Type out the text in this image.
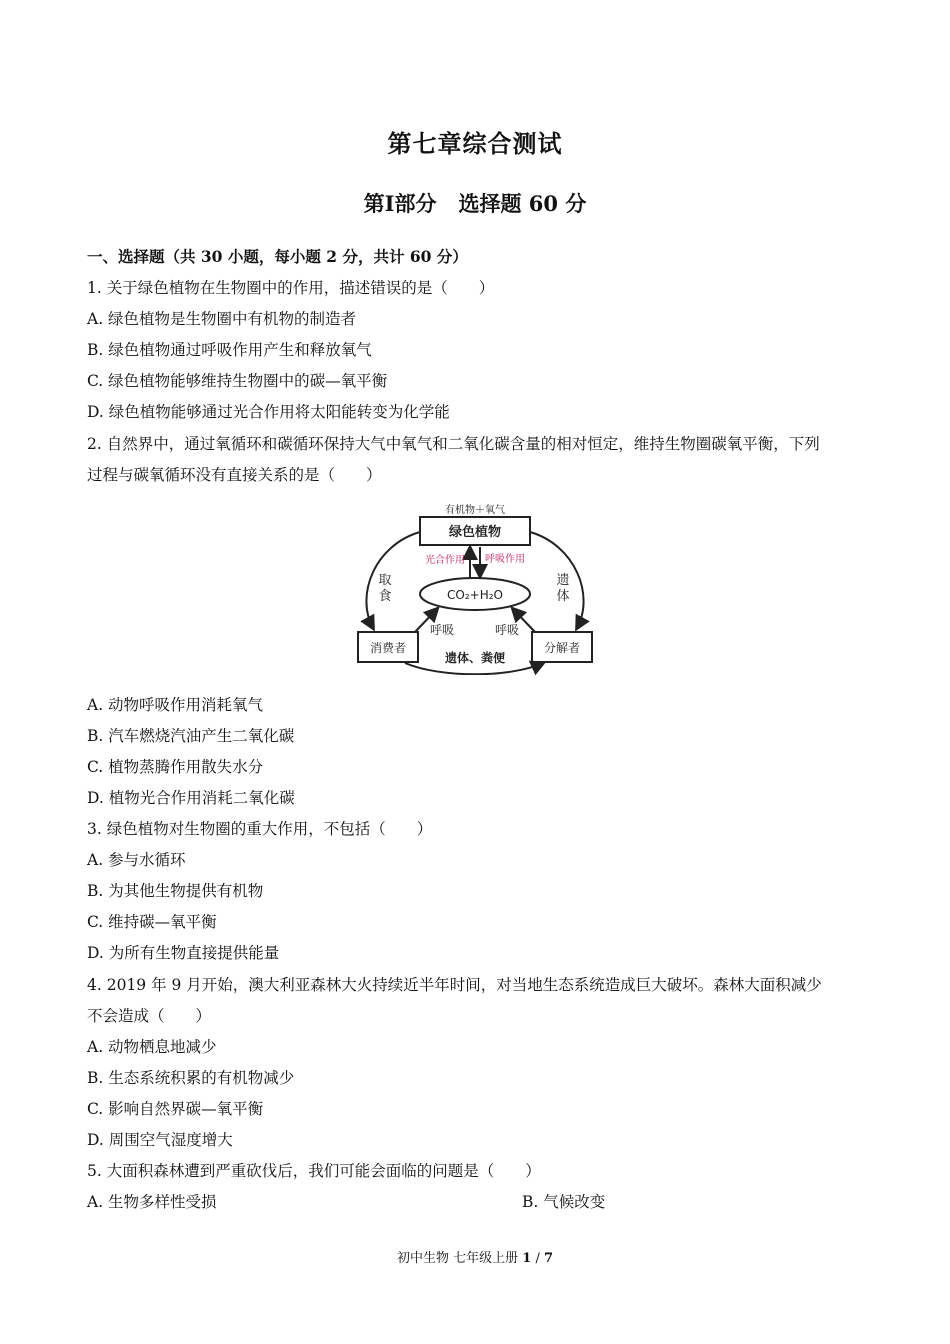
第七章综合测试
第Ⅰ部分 选择题 60 分
一、选择题（共 30 小题，每小题 2 分，共计 60 分）
1. 关于绿色植物在生物圈中的作用，描述错误的是（　　）
A. 绿色植物是生物圈中有机物的制造者
B. 绿色植物通过呼吸作用产生和释放氧气
C. 绿色植物能够维持生物圈中的碳—氧平衡
D. 绿色植物能够通过光合作用将太阳能转变为化学能
2. 自然界中，通过氧循环和碳循环保持大气中氧气和二氧化碳含量的相对恒定，维持生物圈碳氧平衡，下列
过程与碳氧循环没有直接关系的是（　　）
有机物＋氧气
绿色植物
光合作用 呼吸作用
CO₂+H₂O
取
食
遗
体
消费者	分解者
呼吸	呼吸
遗体、粪便
A. 动物呼吸作用消耗氧气
B. 汽车燃烧汽油产生二氧化碳
C. 植物蒸腾作用散失水分
D. 植物光合作用消耗二氧化碳
3. 绿色植物对生物圈的重大作用，不包括（　　）
A. 参与水循环
B. 为其他生物提供有机物
C. 维持碳—氧平衡
D. 为所有生物直接提供能量
4. 2019 年 9 月开始，澳大利亚森林大火持续近半年时间，对当地生态系统造成巨大破坏。森林大面积减少
不会造成（　　）
A. 动物栖息地减少
B. 生态系统积累的有机物减少
C. 影响自然界碳—氧平衡
D. 周围空气湿度增大
5. 大面积森林遭到严重砍伐后，我们可能会面临的问题是（　　）
A. 生物多样性受损	B. 气候改变
初中生物 七年级上册 1 / 7
